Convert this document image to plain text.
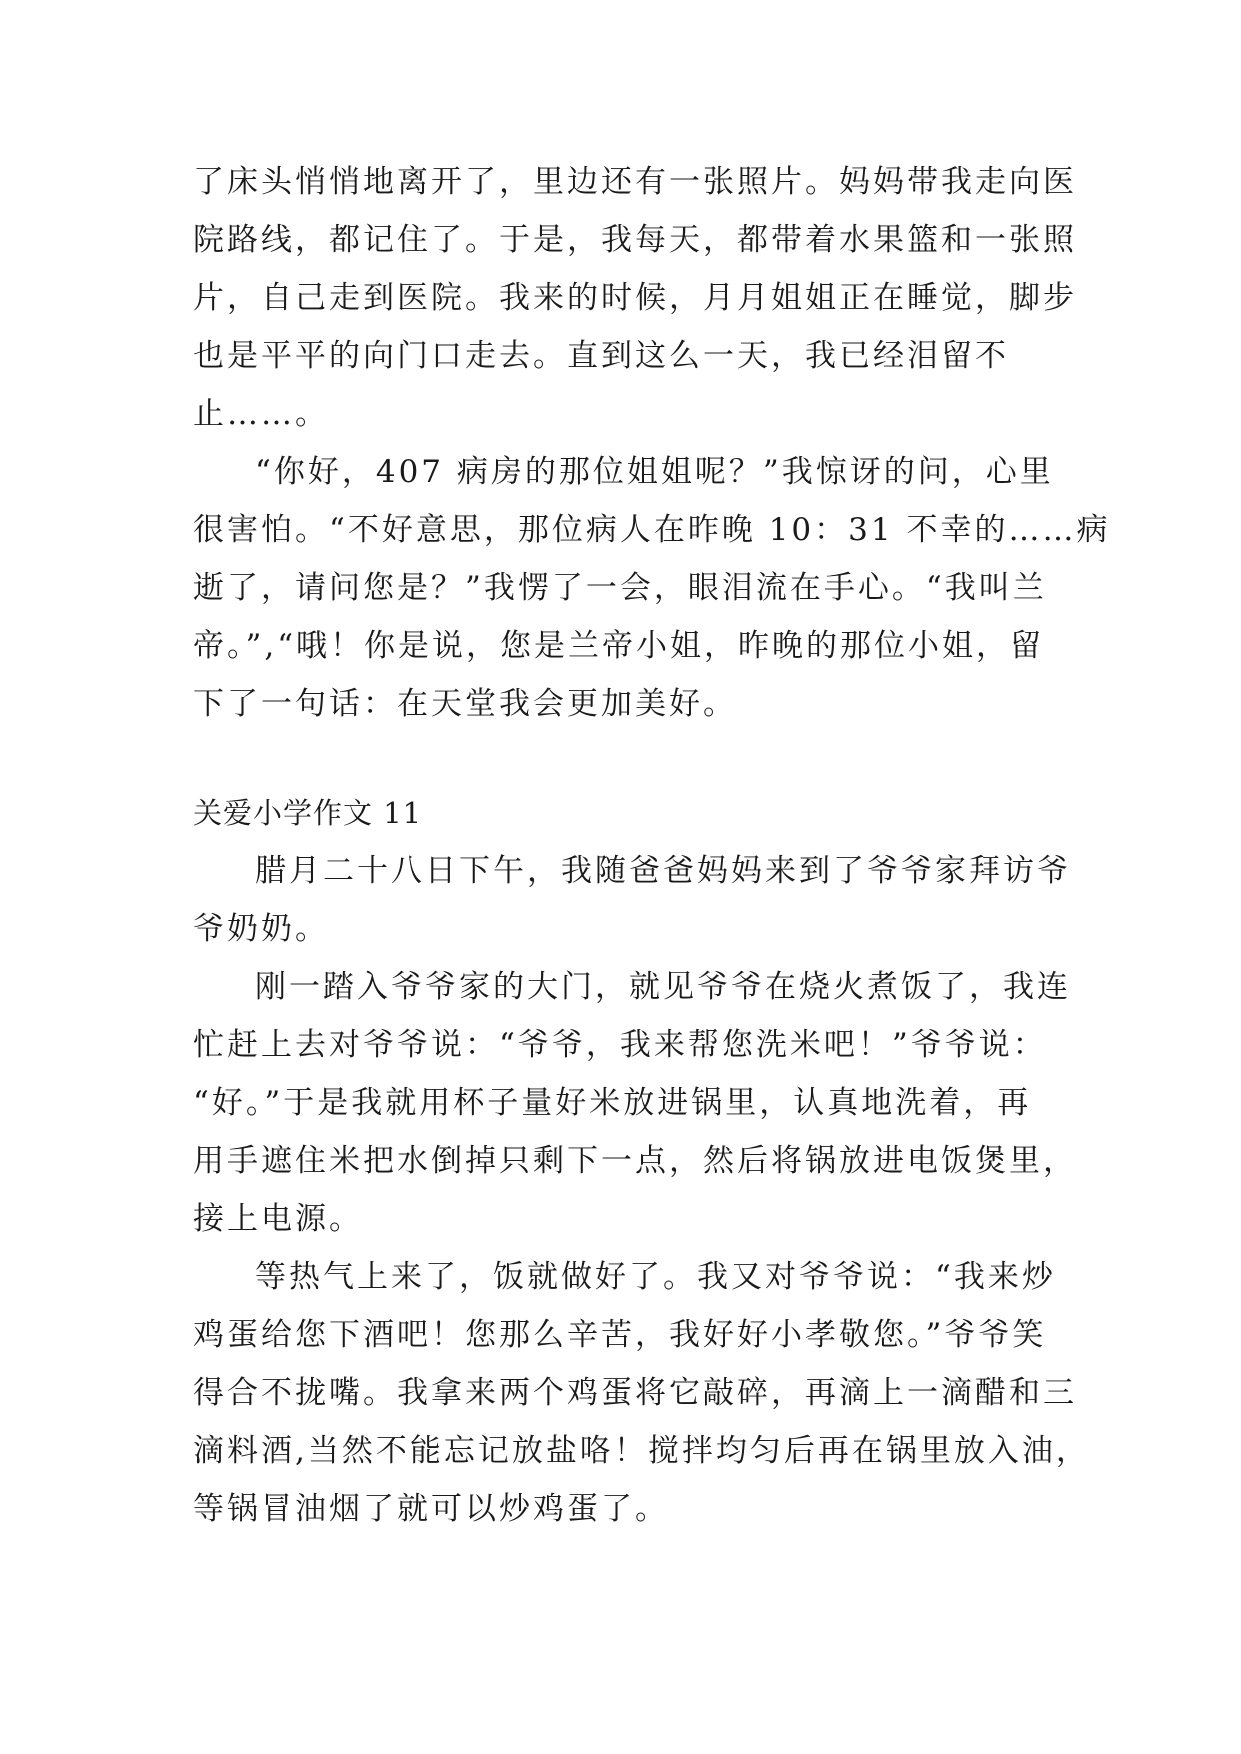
了床头悄悄地离开了，里边还有一张照片。妈妈带我走向医
院路线，都记住了。于是，我每天，都带着水果篮和一张照
片，自己走到医院。我来的时候，月月姐姐正在睡觉，脚步
也是平平的向门口走去。直到这么一天，我已经泪留不
止……。
“你好，407 病房的那位姐姐呢？”我惊讶的问，心里
很害怕。“不好意思，那位病人在昨晚 10：31 不幸的……病
逝了，请问您是？”我愣了一会，眼泪流在手心。“我叫兰
帝。”,“哦！你是说，您是兰帝小姐，昨晚的那位小姐，留
下了一句话：在天堂我会更加美好。
关爱小学作文 11
腊月二十八日下午，我随爸爸妈妈来到了爷爷家拜访爷
爷奶奶。
刚一踏入爷爷家的大门，就见爷爷在烧火煮饭了，我连
忙赶上去对爷爷说：“爷爷，我来帮您洗米吧！”爷爷说：
“好。”于是我就用杯子量好米放进锅里，认真地洗着，再
用手遮住米把水倒掉只剩下一点，然后将锅放进电饭煲里，
接上电源。
等热气上来了，饭就做好了。我又对爷爷说：“我来炒
鸡蛋给您下酒吧！您那么辛苦，我好好小孝敬您。”爷爷笑
得合不拢嘴。我拿来两个鸡蛋将它敲碎，再滴上一滴醋和三
滴料酒,当然不能忘记放盐咯！搅拌均匀后再在锅里放入油，
等锅冒油烟了就可以炒鸡蛋了。
